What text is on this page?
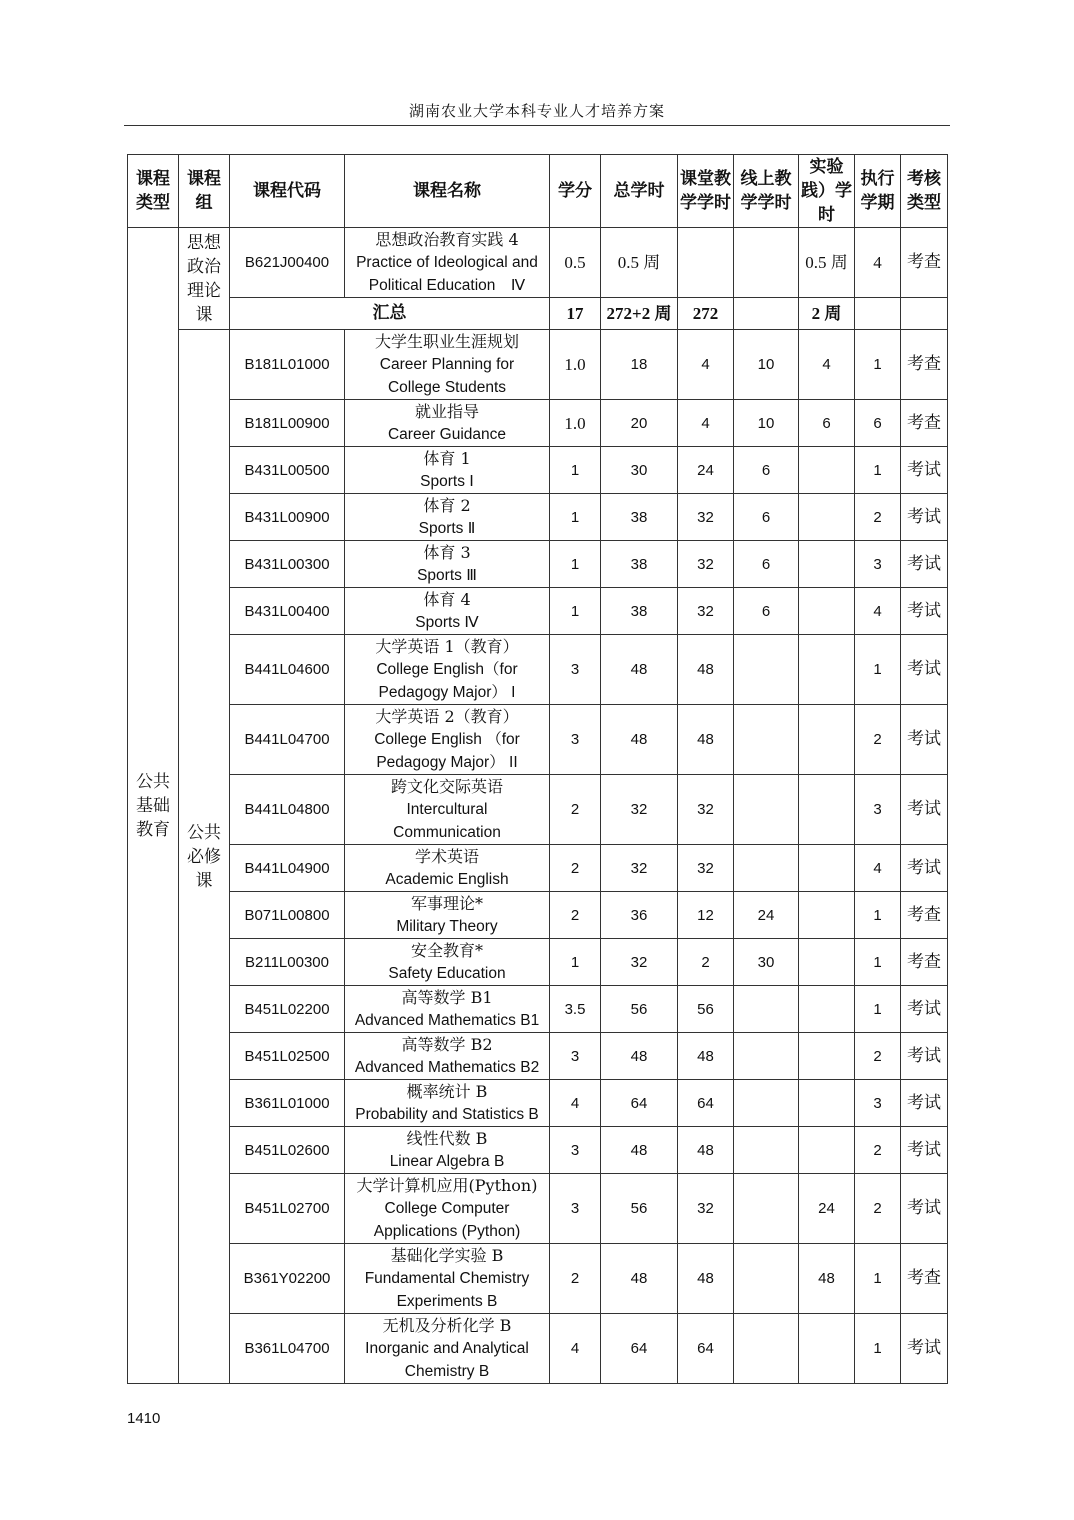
湖南农业大学本科专业人才培养方案
课程类型	课程组	课程代码	课程名称	学分	总学时	课堂教学学时	线上教学学时	实验践）学时	执行学期	考核类型
公共基础教育	思想政治理论课	B621J00400	思想政治教育实践 4
Practice of Ideological and
Political Education　Ⅳ	0.5	0.5 周			0.5 周	4	考查
		汇总		17	272+2 周	272		2 周		
	公共必修课	B181L01000	大学生职业生涯规划
Career Planning for
College Students	1.0	18	4	10	4	1	考查
		B181L00900	就业指导
Career Guidance	1.0	20	4	10	6	6	考查
		B431L00500	体育 1
Sports Ⅰ	1	30	24	6		1	考试
		B431L00900	体育 2
Sports Ⅱ	1	38	32	6		2	考试
		B431L00300	体育 3
Sports Ⅲ	1	38	32	6		3	考试
		B431L00400	体育 4
Sports Ⅳ	1	38	32	6		4	考试
		B441L04600	大学英语 1（教育）
College English（for
Pedagogy Major） I	3	48	48			1	考试
		B441L04700	大学英语 2（教育）
College English （for
Pedagogy Major） II	3	48	48			2	考试
		B441L04800	跨文化交际英语
Intercultural
Communication	2	32	32			3	考试
		B441L04900	学术英语
Academic English	2	32	32			4	考试
		B071L00800	军事理论*
Military Theory	2	36	12	24		1	考查
		B211L00300	安全教育*
Safety Education	1	32	2	30		1	考查
		B451L02200	高等数学 B1
Advanced Mathematics B1	3.5	56	56			1	考试
		B451L02500	高等数学 B2
Advanced Mathematics B2	3	48	48			2	考试
		B361L01000	概率统计 B
Probability and Statistics B	4	64	64			3	考试
		B451L02600	线性代数 B
Linear Algebra B	3	48	48			2	考试
		B451L02700	大学计算机应用(Python)
College Computer
Applications (Python)	3	56	32		24	2	考试
		B361Y02200	基础化学实验 B
Fundamental Chemistry
Experiments B	2	48	48		48	1	考查
		B361L04700	无机及分析化学 B
Inorganic and Analytical
Chemistry B	4	64	64			1	考试
1410
